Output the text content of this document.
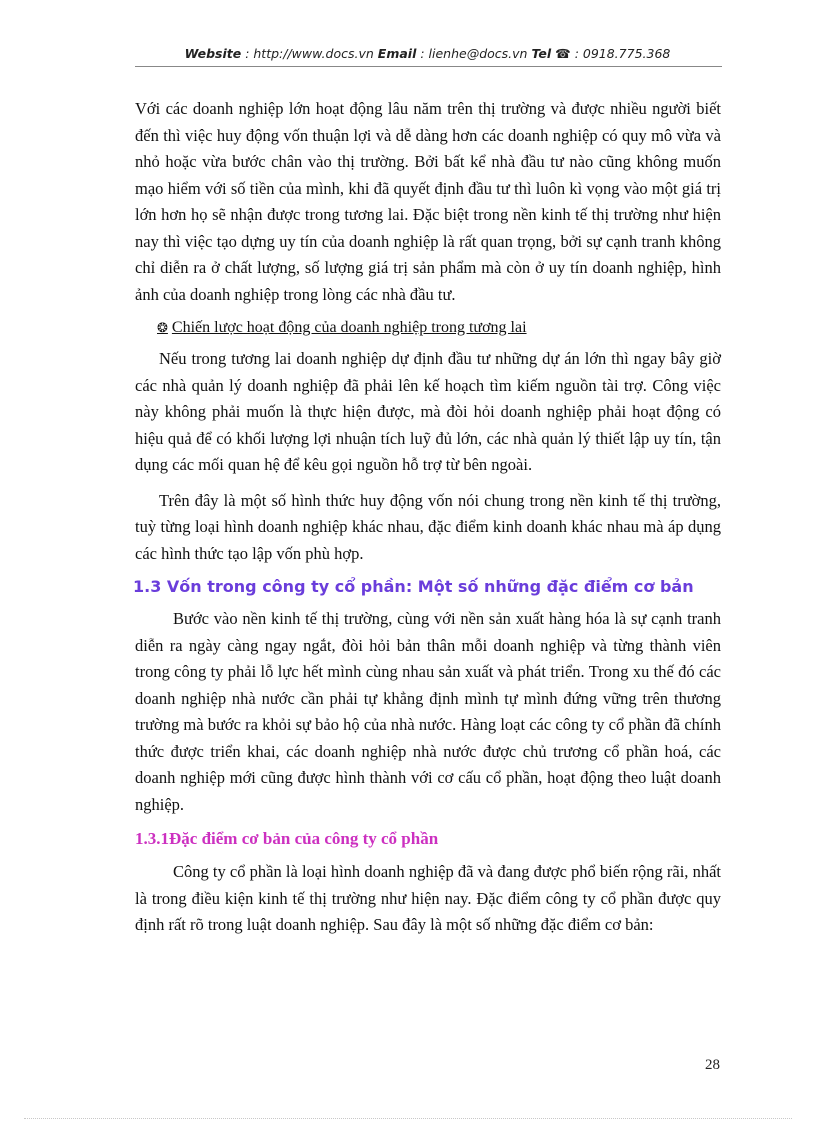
Website : http://www.docs.vn Email : lienhe@docs.vn Tel ☎ : 0918.775.368

Với các doanh nghiệp lớn hoạt động lâu năm trên thị trường và được nhiều người biết đến thì việc huy động vốn thuận lợi và dễ dàng hơn các doanh nghiệp có quy mô vừa và nhỏ hoặc vừa bước chân vào thị trường. Bởi bất kể nhà đầu tư nào cũng không muốn mạo hiểm với số tiền của mình, khi đã quyết định đầu tư thì luôn kì vọng vào một giá trị lớn hơn họ sẽ nhận được trong tương lai. Đặc biệt trong nền kinh tế thị trường như hiện nay thì việc tạo dựng uy tín của doanh nghiệp là rất quan trọng, bởi sự cạnh tranh không chỉ diễn ra ở chất lượng, số lượng giá trị sản phẩm mà còn ở uy tín doanh nghiệp, hình ảnh của doanh nghiệp trong lòng các nhà đầu tư.

❂ Chiến lược hoạt động của doanh nghiệp trong tương lai

Nếu trong tương lai doanh nghiệp dự định đầu tư những dự án lớn thì ngay bây giờ các nhà quản lý doanh nghiệp đã phải lên kế hoạch tìm kiếm nguồn tài trợ. Công việc này không phải muốn là thực hiện được, mà đòi hỏi doanh nghiệp phải hoạt động có hiệu quả để có khối lượng lợi nhuận tích luỹ đủ lớn, các nhà quản lý thiết lập uy tín, tận dụng các mối quan hệ để kêu gọi nguồn hỗ trợ từ bên ngoài.

Trên đây là một số hình thức huy động vốn nói chung trong nền kinh tế thị trường, tuỳ từng loại hình doanh nghiệp khác nhau, đặc điểm kinh doanh khác nhau mà áp dụng các hình thức tạo lập vốn phù hợp.

1.3 Vốn trong công ty cổ phần: Một số những đặc điểm cơ bản

Bước vào nền kinh tế thị trường, cùng với nền sản xuất hàng hóa là sự cạnh tranh diễn ra ngày càng ngay ngắt, đòi hỏi bản thân mỗi doanh nghiệp và từng thành viên trong công ty phải lỗ lực hết mình cùng nhau sản xuất và phát triển. Trong xu thế đó các doanh nghiệp nhà nước cần phải tự khẳng định mình tự mình đứng vững trên thương trường mà bước ra khỏi sự bảo hộ của nhà nước. Hàng loạt các công ty cổ phần đã chính thức được triển khai, các doanh nghiệp nhà nước được chủ trương cổ phần hoá, các doanh nghiệp mới cũng được hình thành với cơ cấu cổ phần, hoạt động theo luật doanh nghiệp.

1.3.1Đặc điểm cơ bản của công ty cổ phần

Công ty cổ phần là loại hình doanh nghiệp đã và đang được phổ biến rộng rãi, nhất là trong điều kiện kinh tế thị trường như hiện nay. Đặc điểm công ty cổ phần được quy định rất rõ trong luật doanh nghiệp. Sau đây là một số những đặc điểm cơ bản:

28
